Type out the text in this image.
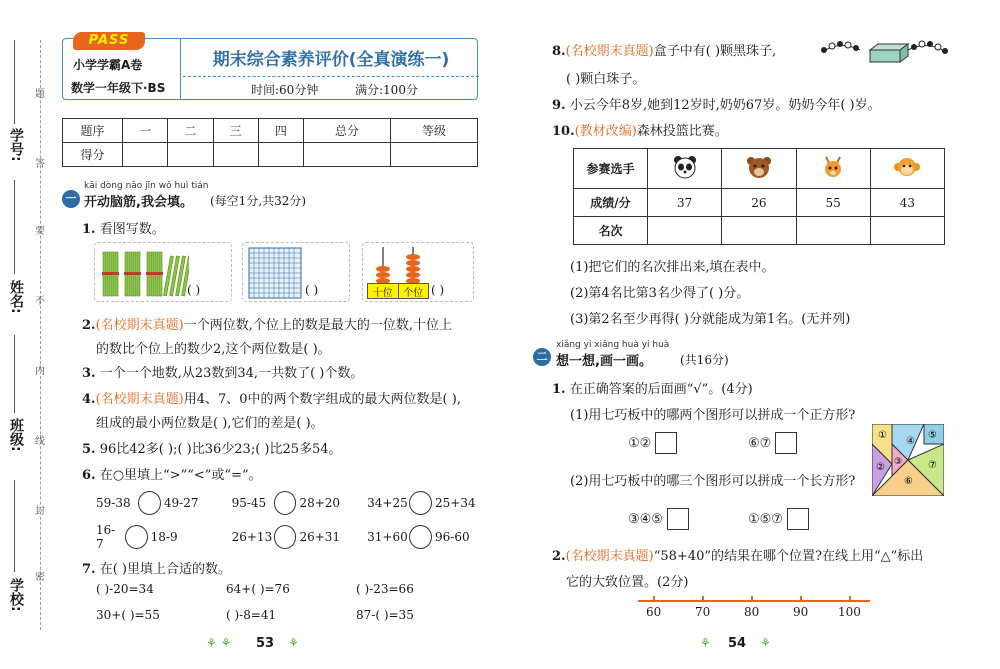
学校:
班级:
姓名:
学号:
题
答
要
不
内
线
封
密
PASS
小学学霸A卷
数学一年级下·BS
期末综合素养评价(全真演练一)
时间:60分钟	满分:100分
题序	一	二	三	四	总分	等级
得分						
kāi dòng nǎo jīn wǒ huì tián
一 开动脑筋,我会填。 (每空1分,共32分)
1. 看图写数。
( )	( )	十位	个位 ( )
2.(名校期末真题)一个两位数,个位上的数是最大的一位数,十位上
的数比个位上的数少2,这个两位数是( )。
3. 一个一个地数,从23数到34,一共数了( )个数。
4.(名校期末真题)用4、7、0中的两个数字组成的最大两位数是( ),
组成的最小两位数是( ),它们的差是( )。
5. 96比42多( );( )比36少23;( )比25多54。
6. 在○里填上“>”“<”或“=”。
59-38	49-27	95-45	28+20	34+25 25+34
16-7	18-9	26+13 26+31	31+60 96-60
7. 在( )里填上合适的数。
( )-20=34	64+( )=76	( )-23=66
30+( )=55	( )-8=41	87-( )=35
⚘ ⚘ 53 ⚘
8.(名校期末真题)盒子中有( )颗黑珠子,
( )颗白珠子。
9. 小云今年8岁,她到12岁时,奶奶67岁。奶奶今年( )岁。
10.(教材改编)森林投篮比赛。
参赛选手				
成绩/分	37	26	55	43
名次				
(1)把它们的名次排出来,填在表中。
(2)第4名比第3名少得了( )分。
(3)第2名至少再得( )分就能成为第1名。(无并列)
xiǎng yi xiǎng huà yi huà
二 想一想,画一画。 (共16分)
1. 在正确答案的后面画“√”。(4分)
(1)用七巧板中的哪两个图形可以拼成一个正方形?
①②	⑥⑦
(2)用七巧板中的哪三个图形可以拼成一个长方形?
③④⑤	①⑤⑦
①
② ③
④
⑤
⑥
⑦
2.(名校期末真题)“58+40”的结果在哪个位置?在线上用“△”标出
它的大致位置。(2分)
60	70	80	90 100
⚘ 54 ⚘
